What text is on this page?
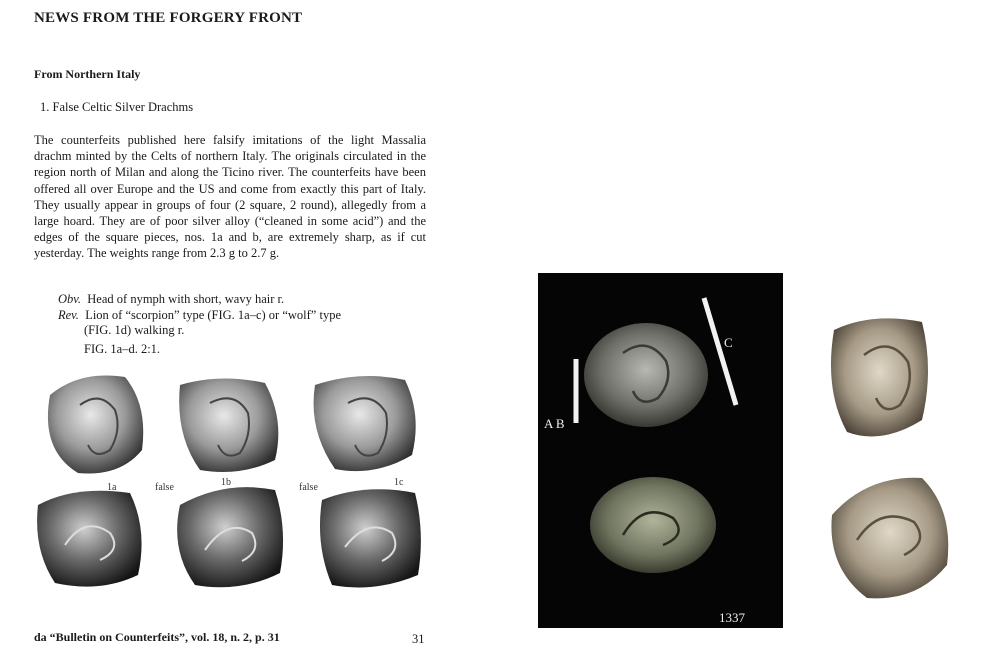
NEWS FROM THE FORGERY FRONT
From Northern Italy
1. False Celtic Silver Drachms

The counterfeits published here falsify imitations of the light Massalia drachm minted by the Celts of northern Italy. The originals circulated in the region north of Milan and along the Ticino river. The counterfeits have been offered all over Europe and the US and come from exactly this part of Italy. They usually appear in groups of four (2 square, 2 round), allegedly from a large hoard. They are of poor silver alloy (“cleaned in some acid”) and the edges of the square pieces, nos. 1a and b, are extremely sharp, as if cut yesterday. The weights range from 2.3 g to 2.7 g.

Obv. Head of nymph with short, wavy hair r.
Rev. Lion of “scorpion” type (FIG. 1a–c) or “wolf” type
(FIG. 1d) walking r.
FIG. 1a–d. 2:1.
1a	false	1b	false	1c
da “Bulletin on Counterfeits”, vol. 18, n. 2, p. 31	31
A B
C
1337
